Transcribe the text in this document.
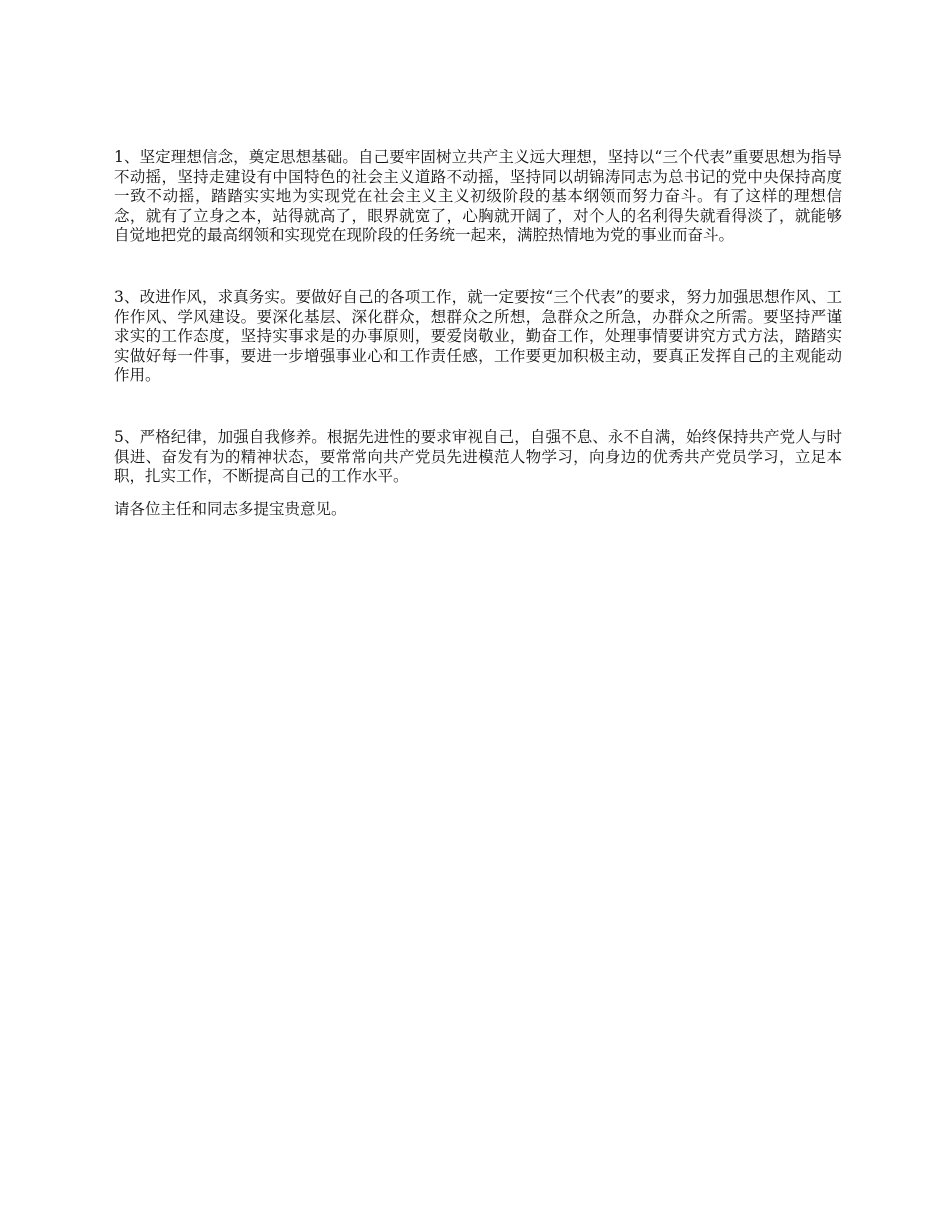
1、坚定理想信念，奠定思想基础。自己要牢固树立共产主义远大理想，坚持以“三个代表”重要思想为指导不动摇，坚持走建设有中国特色的社会主义道路不动摇，坚持同以胡锦涛同志为总书记的党中央保持高度一致不动摇，踏踏实实地为实现党在社会主义主义初级阶段的基本纲领而努力奋斗。有了这样的理想信念，就有了立身之本，站得就高了，眼界就宽了，心胸就开阔了，对个人的名利得失就看得淡了，就能够自觉地把党的最高纲领和实现党在现阶段的任务统一起来，满腔热情地为党的事业而奋斗。

3、改进作风，求真务实。要做好自己的各项工作，就一定要按“三个代表”的要求，努力加强思想作风、工作作风、学风建设。要深化基层、深化群众，想群众之所想，急群众之所急，办群众之所需。要坚持严谨求实的工作态度，坚持实事求是的办事原则，要爱岗敬业，勤奋工作，处理事情要讲究方式方法，踏踏实实做好每一件事，要进一步增强事业心和工作责任感，工作要更加积极主动，要真正发挥自己的主观能动作用。

5、严格纪律，加强自我修养。根据先进性的要求审视自己，自强不息、永不自满，始终保持共产党人与时俱进、奋发有为的精神状态，要常常向共产党员先进模范人物学习，向身边的优秀共产党员学习，立足本职，扎实工作，不断提高自己的工作水平。

请各位主任和同志多提宝贵意见。
